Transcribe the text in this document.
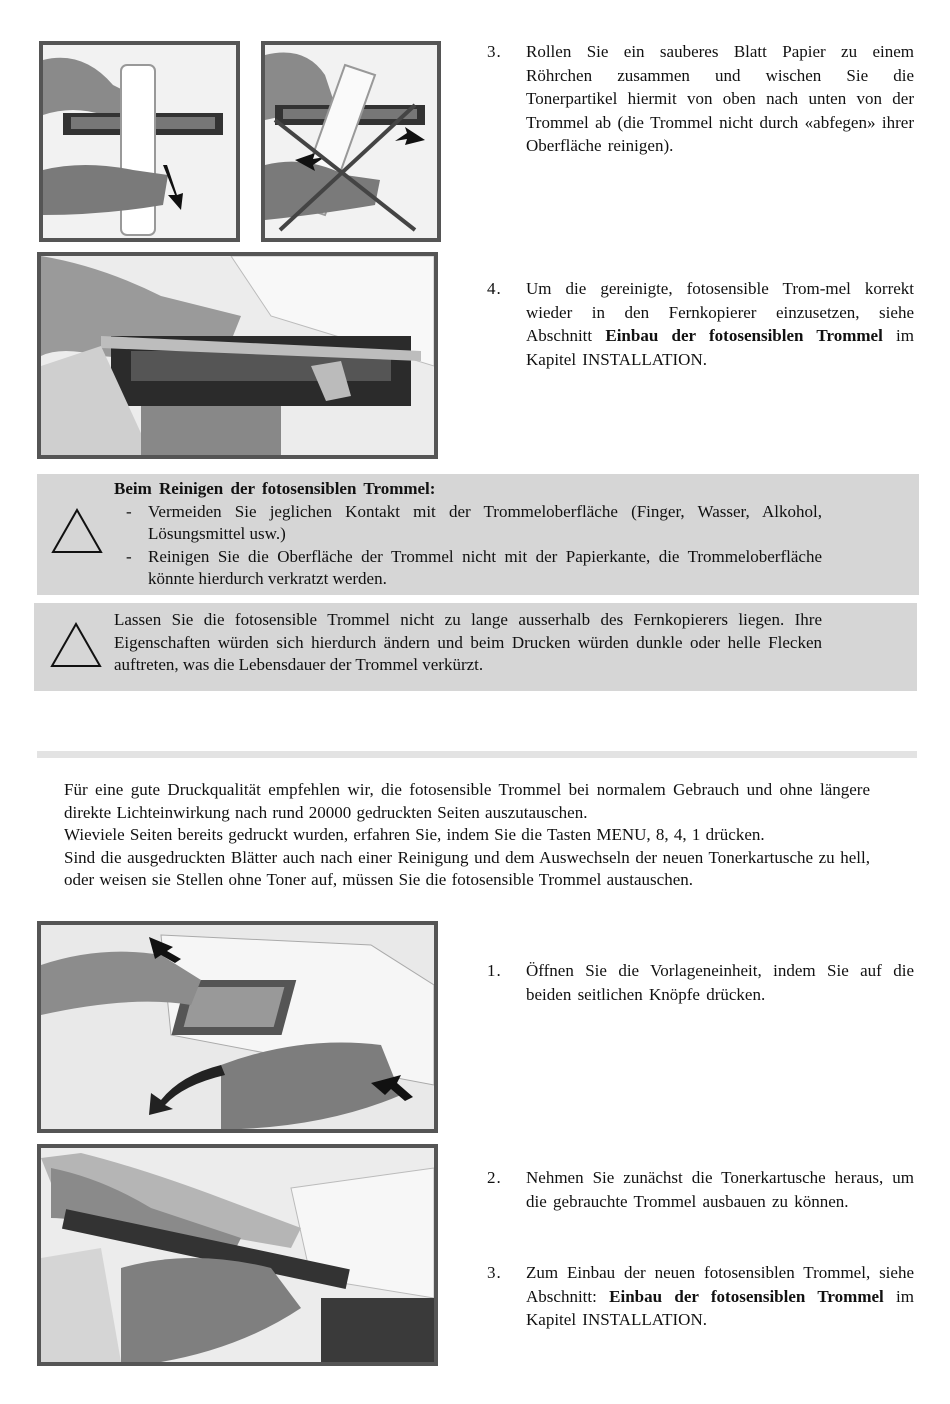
3. Rollen Sie ein sauberes Blatt Papier zu einem Röhrchen zusammen und wischen Sie die Tonerpartikel hiermit von oben nach unten von der Trommel ab (die Trommel nicht durch «abfegen» ihrer Oberfläche reinigen).
4. Um die gereinigte, fotosensible Trom-mel korrekt wieder in den Fernkopierer einzusetzen, siehe Abschnitt Einbau der fotosensiblen Trommel im Kapitel INSTALLATION.
Beim Reinigen der fotosensiblen Trommel:
- Vermeiden Sie jeglichen Kontakt mit der Trommeloberfläche (Finger, Wasser, Alkohol, Lösungsmittel usw.)
- Reinigen Sie die Oberfläche der Trommel nicht mit der Papierkante, die Trommeloberfläche könnte hierdurch verkratzt werden.
Lassen Sie die fotosensible Trommel nicht zu lange ausserhalb des Fernkopierers liegen. Ihre Eigenschaften würden sich hierdurch ändern und beim Drucken würden dunkle oder helle Flecken auftreten, was die Lebensdauer der Trommel verkürzt.

Für eine gute Druckqualität empfehlen wir, die fotosensible Trommel bei normalem Gebrauch und ohne längere direkte Lichteinwirkung nach rund 20000 gedruckten Seiten auszutauschen.

Wieviele Seiten bereits gedruckt wurden, erfahren Sie, indem Sie die Tasten MENU, 8, 4, 1 drücken.

Sind die ausgedruckten Blätter auch nach einer Reinigung und dem Auswechseln der neuen Tonerkartusche zu hell, oder weisen sie Stellen ohne Toner auf, müssen Sie die fotosensible Trommel austauschen.

1. Öffnen Sie die Vorlageneinheit, indem Sie auf die beiden seitlichen Knöpfe drücken.
2. Nehmen Sie zunächst die Tonerkartusche heraus, um die gebrauchte Trommel ausbauen zu können.
3. Zum Einbau der neuen fotosensiblen Trommel, siehe Abschnitt: Einbau der fotosensiblen Trommel im Kapitel INSTALLATION.
